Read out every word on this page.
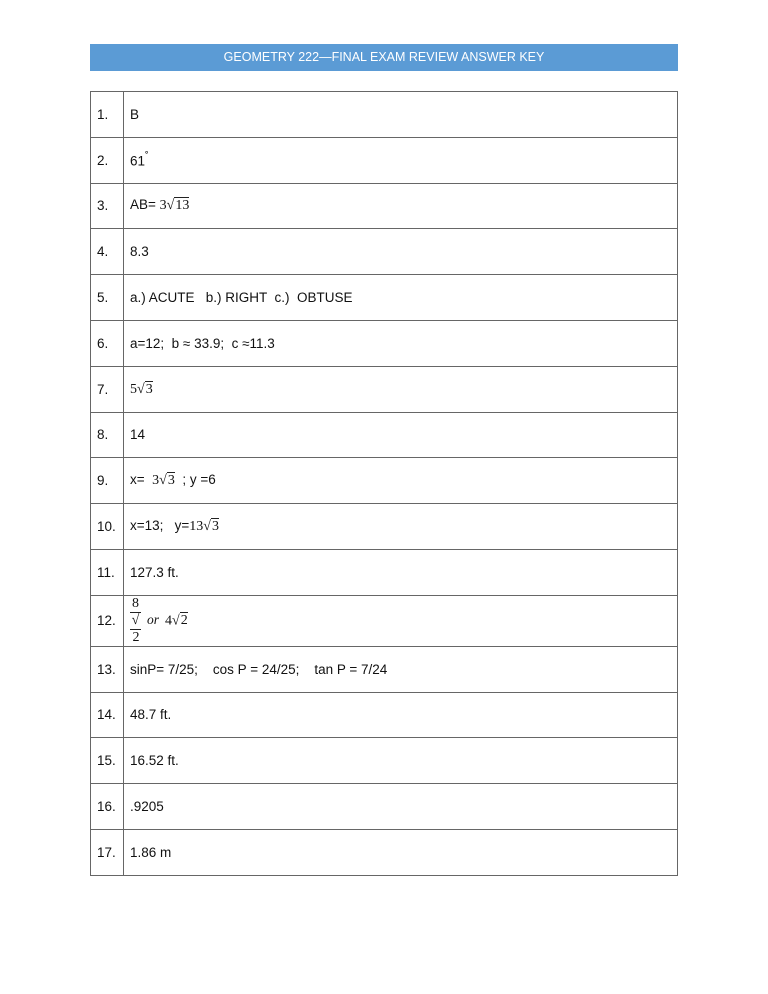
GEOMETRY 222—FINAL EXAM REVIEW ANSWER KEY
1.	B
2.	61˚
3.	AB= 3√13
4.	8.3
5.	a.) ACUTE   b.) RIGHT  c.)  OBTUSE
6.	a=12;  b ≈ 33.9;  c ≈11.3
7.	5√3
8.	14
9.	x=  3√3  ; y =6
10.	x=13;   y=13√3
11.	127.3 ft.
12.	8
√
2 or 4√2
13.	sinP= 7/25;    cos P = 24/25;    tan P = 7/24
14.	48.7 ft.
15.	16.52 ft.
16.	.9205
17.	1.86 m
